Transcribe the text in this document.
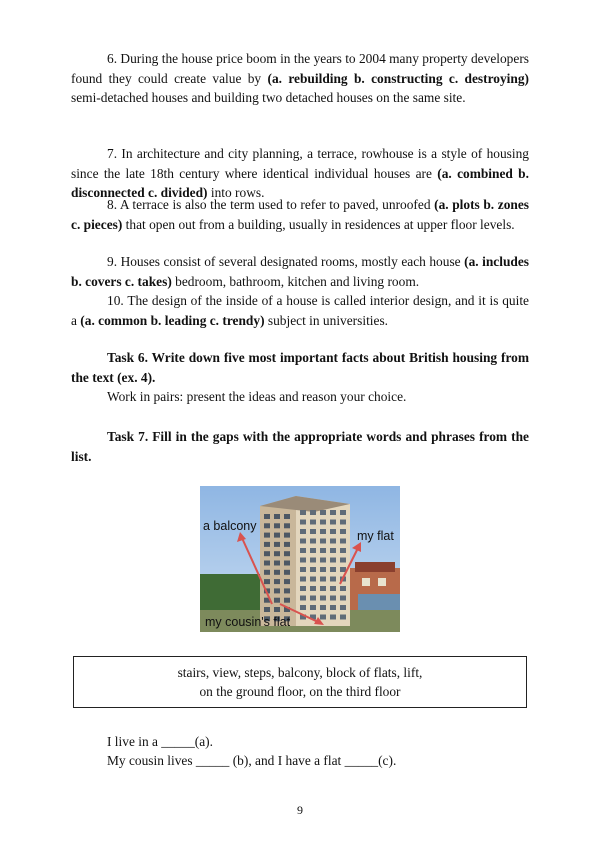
6. During the house price boom in the years to 2004 many property developers found they could create value by (a. rebuilding b. constructing c. destroying) semi-detached houses and building two detached houses on the same site.

7. In architecture and city planning, a terrace, rowhouse is a style of housing since the late 18th century where identical individual houses are (a. combined b. disconnected c. divided) into rows.

8. A terrace is also the term used to refer to paved, unroofed (a. plots b. zones c. pieces) that open out from a building, usually in residences at upper floor levels.

9. Houses consist of several designated rooms, mostly each house (a. includes b. covers c. takes) bedroom, bathroom, kitchen and living room.

10. The design of the inside of a house is called interior design, and it is quite a (a. common b. leading c. trendy) subject in universities.

Task 6. Write down five most important facts about British housing from the text (ex. 4).

Work in pairs: present the ideas and reason your choice.

Task 7. Fill in the gaps with the appropriate words and phrases from the list.

a balcony
my flat
my cousin's flat
stairs, view, steps, balcony, block of flats, lift,
on the ground floor, on the third floor
I live in a _____(a).
My cousin lives _____ (b), and I have a flat _____(c).
9
